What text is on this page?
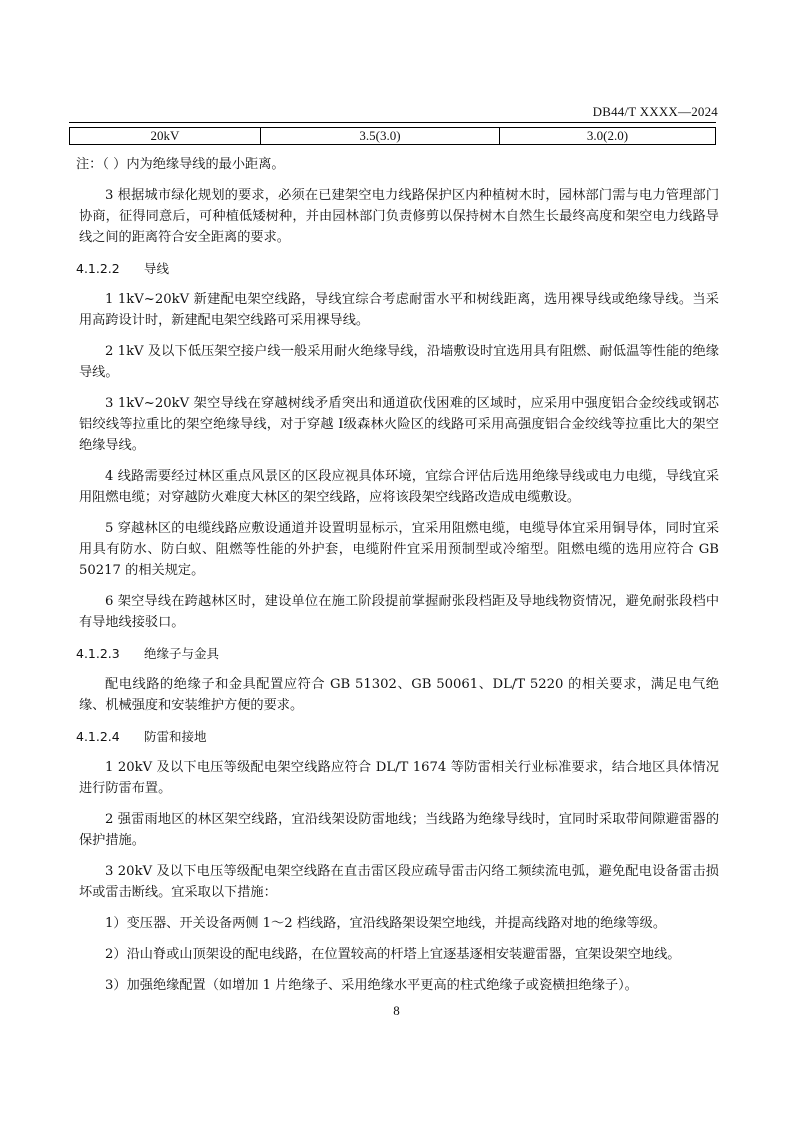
DB44/T XXXX—2024
20kV	3.5(3.0)	3.0(2.0)

注：（ ）内为绝缘导线的最小距离。

3 根据城市绿化规划的要求，必须在已建架空电力线路保护区内种植树木时，园林部门需与电力管理部门协商，征得同意后，可种植低矮树种，并由园林部门负责修剪以保持树木自然生长最终高度和架空电力线路导线之间的距离符合安全距离的要求。

4.1.2.2 导线

1 1kV~20kV 新建配电架空线路，导线宜综合考虑耐雷水平和树线距离，选用裸导线或绝缘导线。当采用高跨设计时，新建配电架空线路可采用裸导线。

2 1kV 及以下低压架空接户线一般采用耐火绝缘导线，沿墙敷设时宜选用具有阻燃、耐低温等性能的绝缘导线。

3 1kV~20kV 架空导线在穿越树线矛盾突出和通道砍伐困难的区域时，应采用中强度铝合金绞线或钢芯铝绞线等拉重比的架空绝缘导线，对于穿越 I级森林火险区的线路可采用高强度铝合金绞线等拉重比大的架空绝缘导线。

4 线路需要经过林区重点风景区的区段应视具体环境，宜综合评估后选用绝缘导线或电力电缆，导线宜采用阻燃电缆；对穿越防火难度大林区的架空线路，应将该段架空线路改造成电缆敷设。

5 穿越林区的电缆线路应敷设通道并设置明显标示，宜采用阻燃电缆，电缆导体宜采用铜导体，同时宜采用具有防水、防白蚁、阻燃等性能的外护套，电缆附件宜采用预制型或冷缩型。阻燃电缆的选用应符合 GB 50217 的相关规定。

6 架空导线在跨越林区时，建设单位在施工阶段提前掌握耐张段档距及导地线物资情况，避免耐张段档中有导地线接驳口。

4.1.2.3 绝缘子与金具

配电线路的绝缘子和金具配置应符合 GB 51302、GB 50061、DL/T 5220 的相关要求，满足电气绝缘、机械强度和安装维护方便的要求。

4.1.2.4 防雷和接地

1 20kV 及以下电压等级配电架空线路应符合 DL/T 1674 等防雷相关行业标准要求，结合地区具体情况进行防雷布置。

2 强雷雨地区的林区架空线路，宜沿线架设防雷地线；当线路为绝缘导线时，宜同时采取带间隙避雷器的保护措施。

3 20kV 及以下电压等级配电架空线路在直击雷区段应疏导雷击闪络工频续流电弧，避免配电设备雷击损坏或雷击断线。宜采取以下措施：

1）变压器、开关设备两侧 1～2 档线路，宜沿线路架设架空地线，并提高线路对地的绝缘等级。

2）沿山脊或山顶架设的配电线路，在位置较高的杆塔上宜逐基逐相安装避雷器，宜架设架空地线。

3）加强绝缘配置（如增加 1 片绝缘子、采用绝缘水平更高的柱式绝缘子或瓷横担绝缘子）。

8
